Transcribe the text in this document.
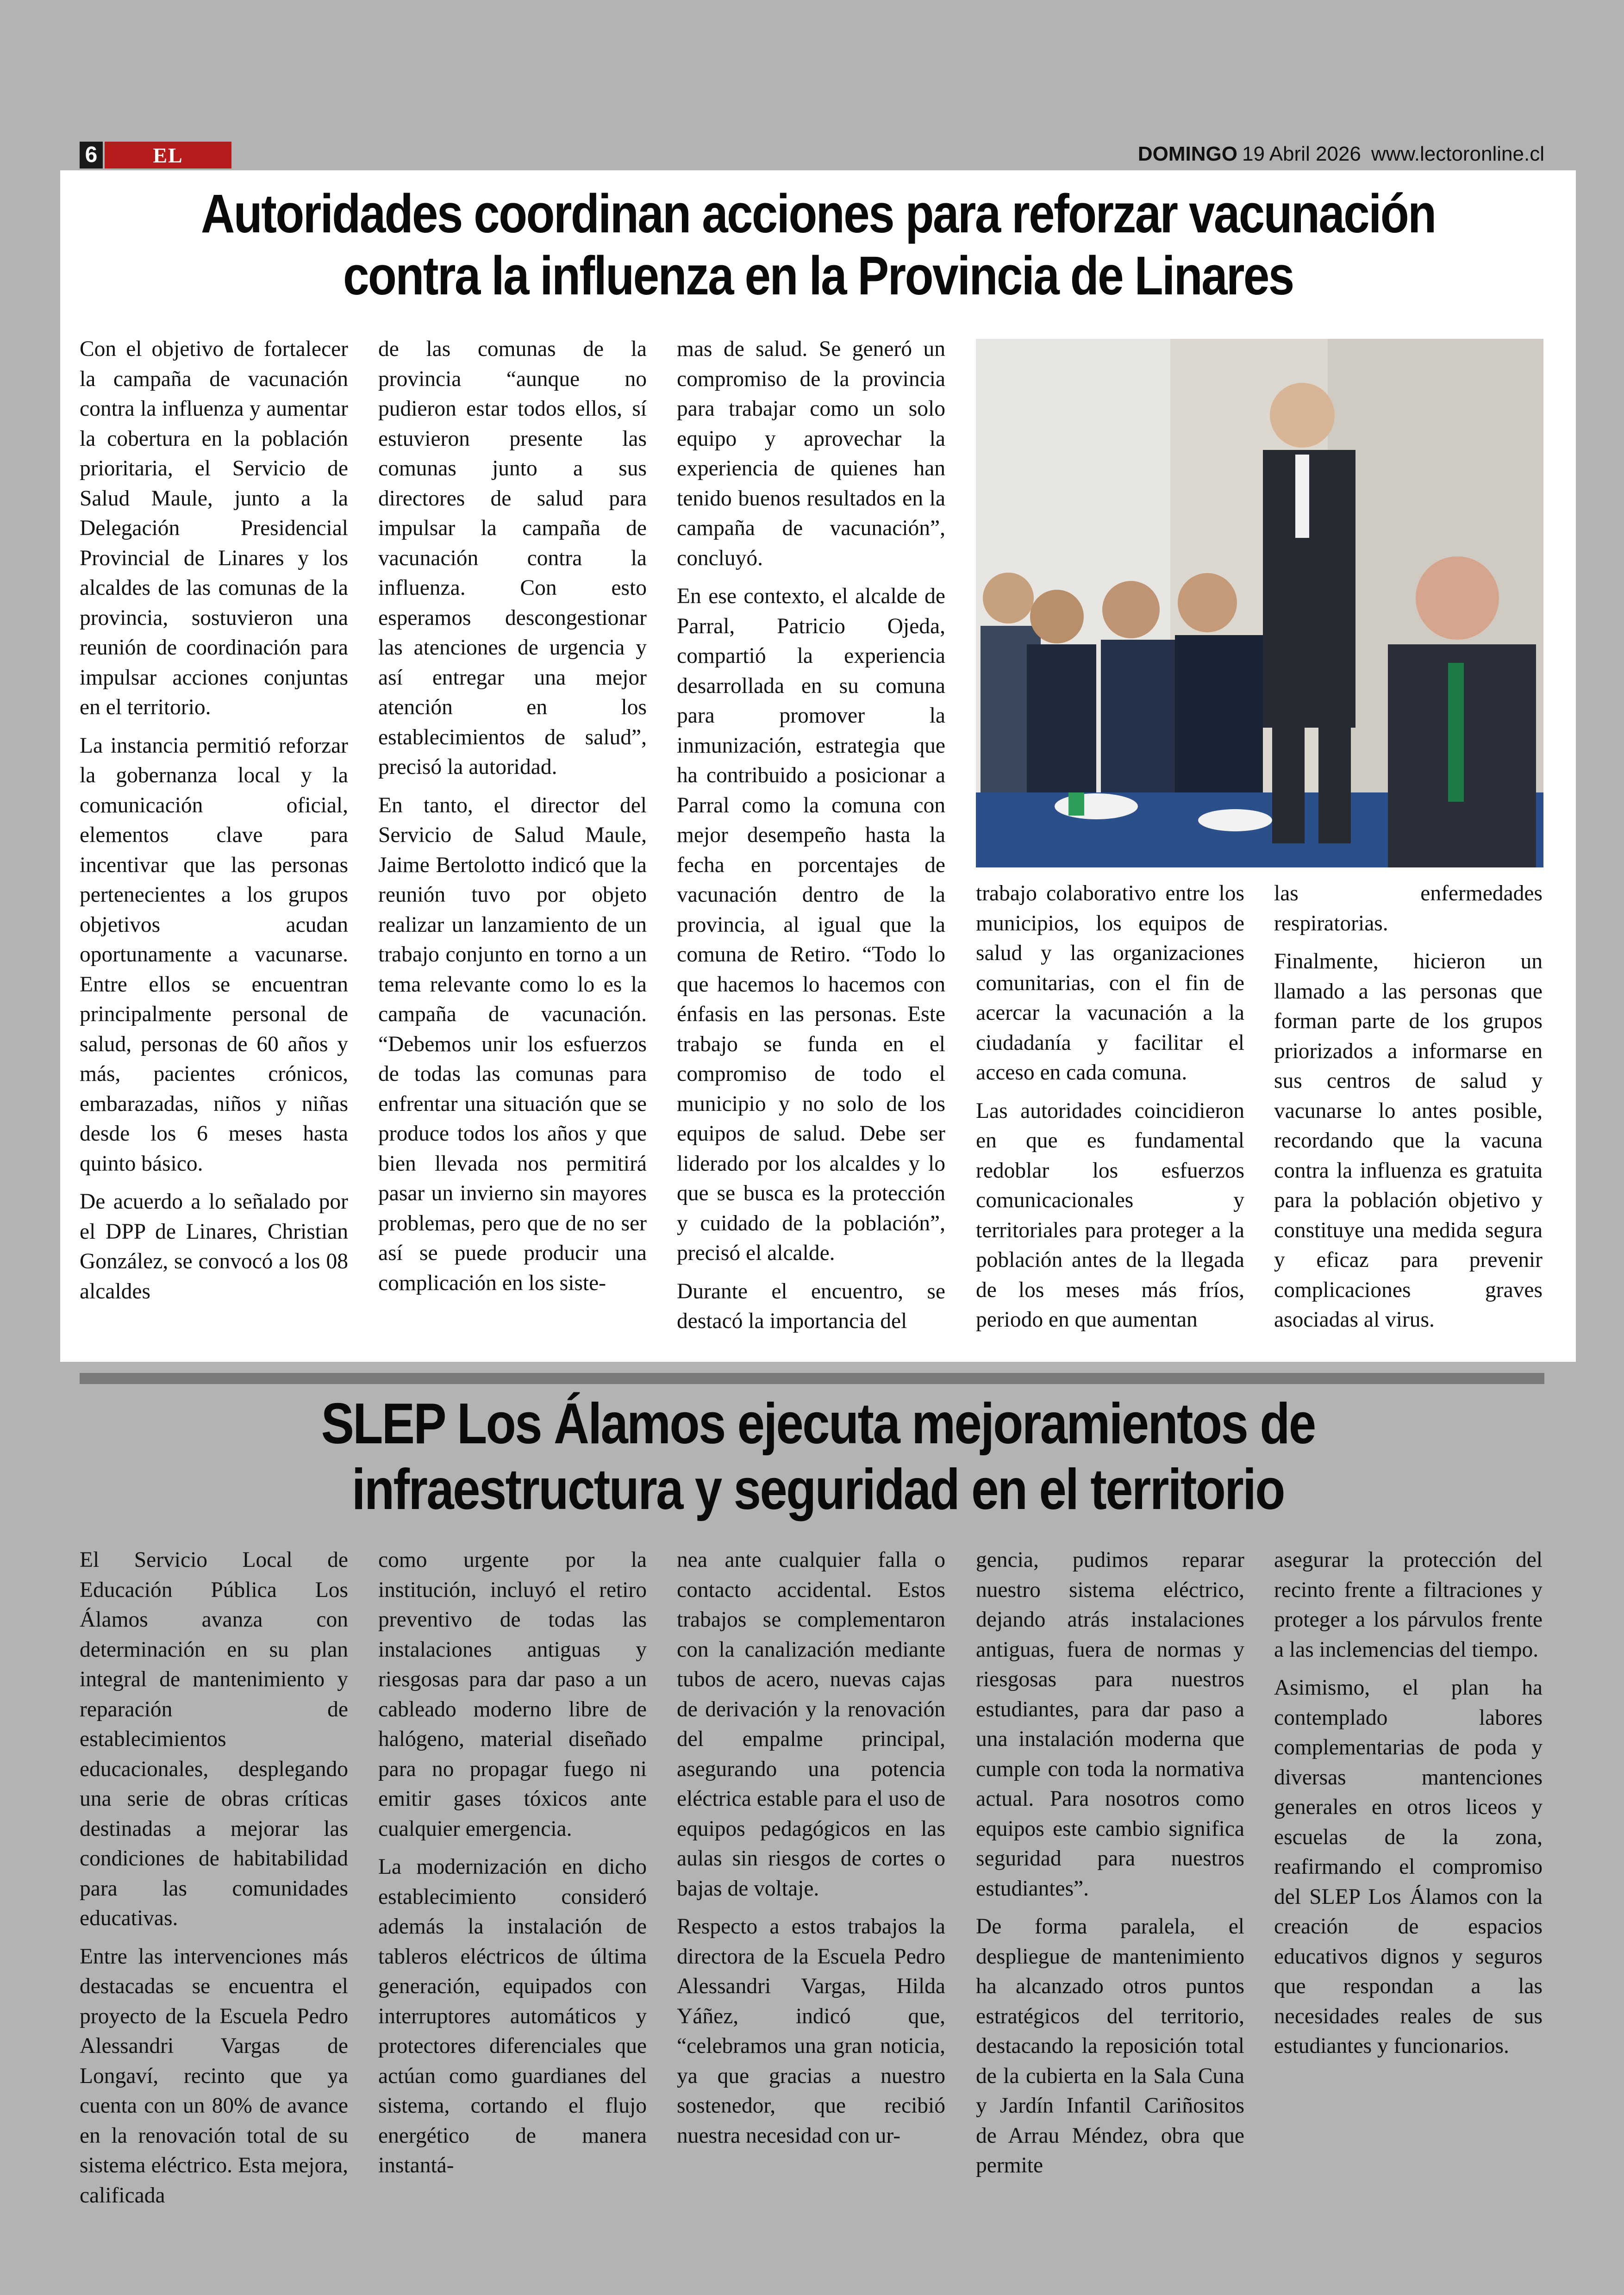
6	EL	DOMINGO 19 Abril 2026 www.lectoronline.cl
Autoridades coordinan acciones para reforzar vacunación
contra la influenza en la Provincia de Linares

Con el objetivo de fortalecer la campaña de vacunación contra la influenza y aumentar la cobertura en la población prioritaria, el Servicio de Salud Maule, junto a la Delegación Presidencial Provincial de Linares y los alcaldes de las comunas de la provincia, sostuvieron una reunión de coordinación para impulsar acciones conjuntas en el territorio.

La instancia permitió reforzar la gobernanza local y la comunicación oficial, elementos clave para incentivar que las personas pertenecientes a los grupos objetivos acudan oportunamente a vacunarse. Entre ellos se encuentran principalmente personal de salud, personas de 60 años y más, pacientes crónicos, embarazadas, niños y niñas desde los 6 meses hasta quinto básico.

De acuerdo a lo señalado por el DPP de Linares, Christian González, se convocó a los 08 alcaldes

de las comunas de la provincia “aunque no pudieron estar todos ellos, sí estuvieron presente las comunas junto a sus directores de salud para impulsar la campaña de vacunación contra la influenza. Con esto esperamos descongestionar las atenciones de urgencia y así entregar una mejor atención en los establecimientos de salud”, precisó la autoridad.

En tanto, el director del Servicio de Salud Maule, Jaime Bertolotto indicó que la reunión tuvo por objeto realizar un lanzamiento de un trabajo conjunto en torno a un tema relevante como lo es la campaña de vacunación. “Debemos unir los esfuerzos de todas las comunas para enfrentar una situación que se produce todos los años y que bien llevada nos permitirá pasar un invierno sin mayores problemas, pero que de no ser así se puede producir una complicación en los siste-

mas de salud. Se generó un compromiso de la provincia para trabajar como un solo equipo y aprovechar la experiencia de quienes han tenido buenos resultados en la campaña de vacunación”, concluyó.

En ese contexto, el alcalde de Parral, Patricio Ojeda, compartió la experiencia desarrollada en su comuna para promover la inmunización, estrategia que ha contribuido a posicionar a Parral como la comuna con mejor desempeño hasta la fecha en porcentajes de vacunación dentro de la provincia, al igual que la comuna de Retiro. “Todo lo que hacemos lo hacemos con énfasis en las personas. Este trabajo se funda en el compromiso de todo el municipio y no solo de los equipos de salud. Debe ser liderado por los alcaldes y lo que se busca es la protección y cuidado de la población”, precisó el alcalde.

Durante el encuentro, se destacó la importancia del

trabajo colaborativo entre los municipios, los equipos de salud y las organizaciones comunitarias, con el fin de acercar la vacunación a la ciudadanía y facilitar el acceso en cada comuna.

Las autoridades coincidieron en que es fundamental redoblar los esfuerzos comunicacionales y territoriales para proteger a la población antes de la llegada de los meses más fríos, periodo en que aumentan

las enfermedades respiratorias.

Finalmente, hicieron un llamado a las personas que forman parte de los grupos priorizados a informarse en sus centros de salud y vacunarse lo antes posible, recordando que la vacuna contra la influenza es gratuita para la población objetivo y constituye una medida segura y eficaz para prevenir complicaciones graves asociadas al virus.

SLEP Los Álamos ejecuta mejoramientos de
infraestructura y seguridad en el territorio

El Servicio Local de Educación Pública Los Álamos avanza con determinación en su plan integral de mantenimiento y reparación de establecimientos educacionales, desplegando una serie de obras críticas destinadas a mejorar las condiciones de habitabilidad para las comunidades educativas.

Entre las intervenciones más destacadas se encuentra el proyecto de la Escuela Pedro Alessandri Vargas de Longaví, recinto que ya cuenta con un 80% de avance en la renovación total de su sistema eléctrico. Esta mejora, calificada

como urgente por la institución, incluyó el retiro preventivo de todas las instalaciones antiguas y riesgosas para dar paso a un cableado moderno libre de halógeno, material diseñado para no propagar fuego ni emitir gases tóxicos ante cualquier emergencia.

La modernización en dicho establecimiento consideró además la instalación de tableros eléctricos de última generación, equipados con interruptores automáticos y protectores diferenciales que actúan como guardianes del sistema, cortando el flujo energético de manera instantá-

nea ante cualquier falla o contacto accidental. Estos trabajos se complementaron con la canalización mediante tubos de acero, nuevas cajas de derivación y la renovación del empalme principal, asegurando una potencia eléctrica estable para el uso de equipos pedagógicos en las aulas sin riesgos de cortes o bajas de voltaje.

Respecto a estos trabajos la directora de la Escuela Pedro Alessandri Vargas, Hilda Yáñez, indicó que, “celebramos una gran noticia, ya que gracias a nuestro sostenedor, que recibió nuestra necesidad con ur-

gencia, pudimos reparar nuestro sistema eléctrico, dejando atrás instalaciones antiguas, fuera de normas y riesgosas para nuestros estudiantes, para dar paso a una instalación moderna que cumple con toda la normativa actual. Para nosotros como equipos este cambio significa seguridad para nuestros estudiantes”.

De forma paralela, el despliegue de mantenimiento ha alcanzado otros puntos estratégicos del territorio, destacando la reposición total de la cubierta en la Sala Cuna y Jardín Infantil Cariñositos de Arrau Méndez, obra que permite

asegurar la protección del recinto frente a filtraciones y proteger a los párvulos frente a las inclemencias del tiempo.

Asimismo, el plan ha contemplado labores complementarias de poda y diversas mantenciones generales en otros liceos y escuelas de la zona, reafirmando el compromiso del SLEP Los Álamos con la creación de espacios educativos dignos y seguros que respondan a las necesidades reales de sus estudiantes y funcionarios.
